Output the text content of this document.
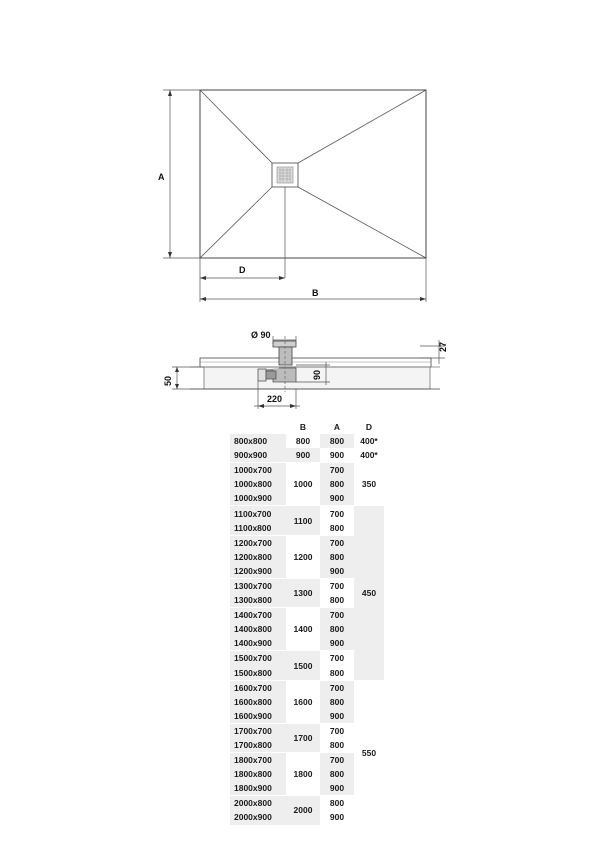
A
D
B
Ø 90
27
50
90
220
	B	A	D
800x800	800	800	400*
900x900	900	900	400*
1000x700	1000	700	350
1000x800		800	
1000x900		900	
1100x700	1100	700	450
1100x800		800	
1200x700	1200	700	
1200x800		800	
1200x900		900	
1300x700	1300	700	
1300x800		800	
1400x700	1400	700	
1400x800		800	
1400x900		900	
1500x700	1500	700	
1500x800		800	
1600x700	1600	700	550
1600x800		800	
1600x900		900	
1700x700	1700	700	
1700x800		800	
1800x700	1800	700	
1800x800		800	
1800x900		900	
2000x800	2000	800	
2000x900		900	
